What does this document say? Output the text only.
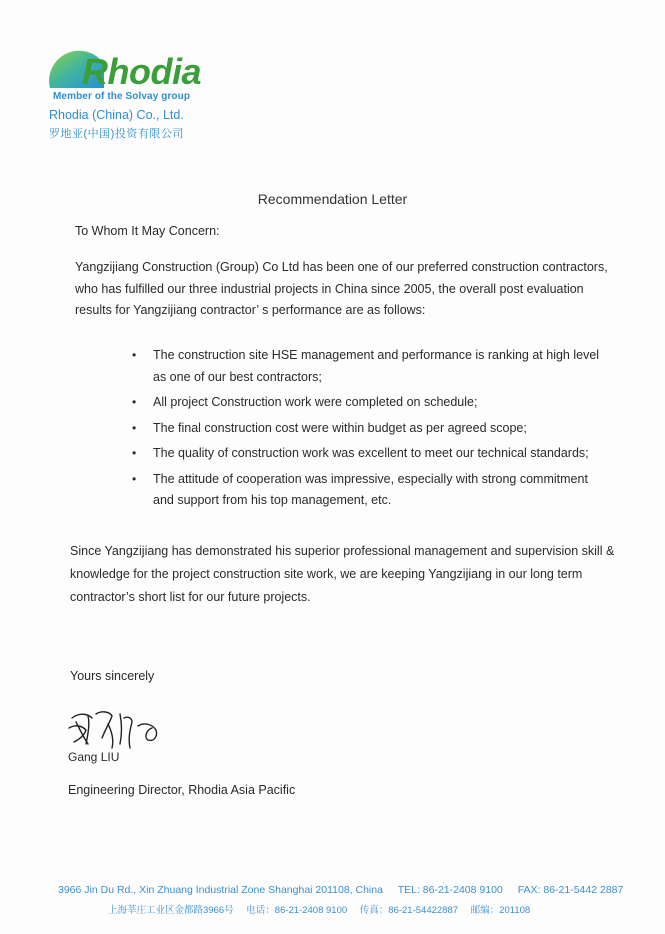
Rhodia
Member of the Solvay group
Rhodia (China) Co., Ltd.
罗地亚(中国)投资有限公司
Recommendation Letter
To Whom It May Concern:
Yangzijiang Construction (Group) Co Ltd has been one of our preferred construction contractors, who has fulfilled our three industrial projects in China since 2005, the overall post evaluation results for Yangzijiang contractor’ s performance are as follows:
• The construction site HSE management and performance is ranking at high level as one of our best contractors;
• All project Construction work were completed on schedule;
• The final construction cost were within budget as per agreed scope;
• The quality of construction work was excellent to meet our technical standards;
• The attitude of cooperation was impressive, especially with strong commitment and support from his top management, etc.
Since Yangzijiang has demonstrated his superior professional management and supervision skill & knowledge for the project construction site work, we are keeping Yangzijiang in our long term contractor’s short list for our future projects.
Yours sincerely
Gang LIU
Engineering Director, Rhodia Asia Pacific
3966 Jin Du Rd., Xin Zhuang Industrial Zone Shanghai 201108, China TEL: 86-21-2408 9100 FAX: 86-21-5442 2887
上海莘庄工业区金都路3966号 电话：86-21-2408 9100 传真：86-21-54422887 邮编：201108
